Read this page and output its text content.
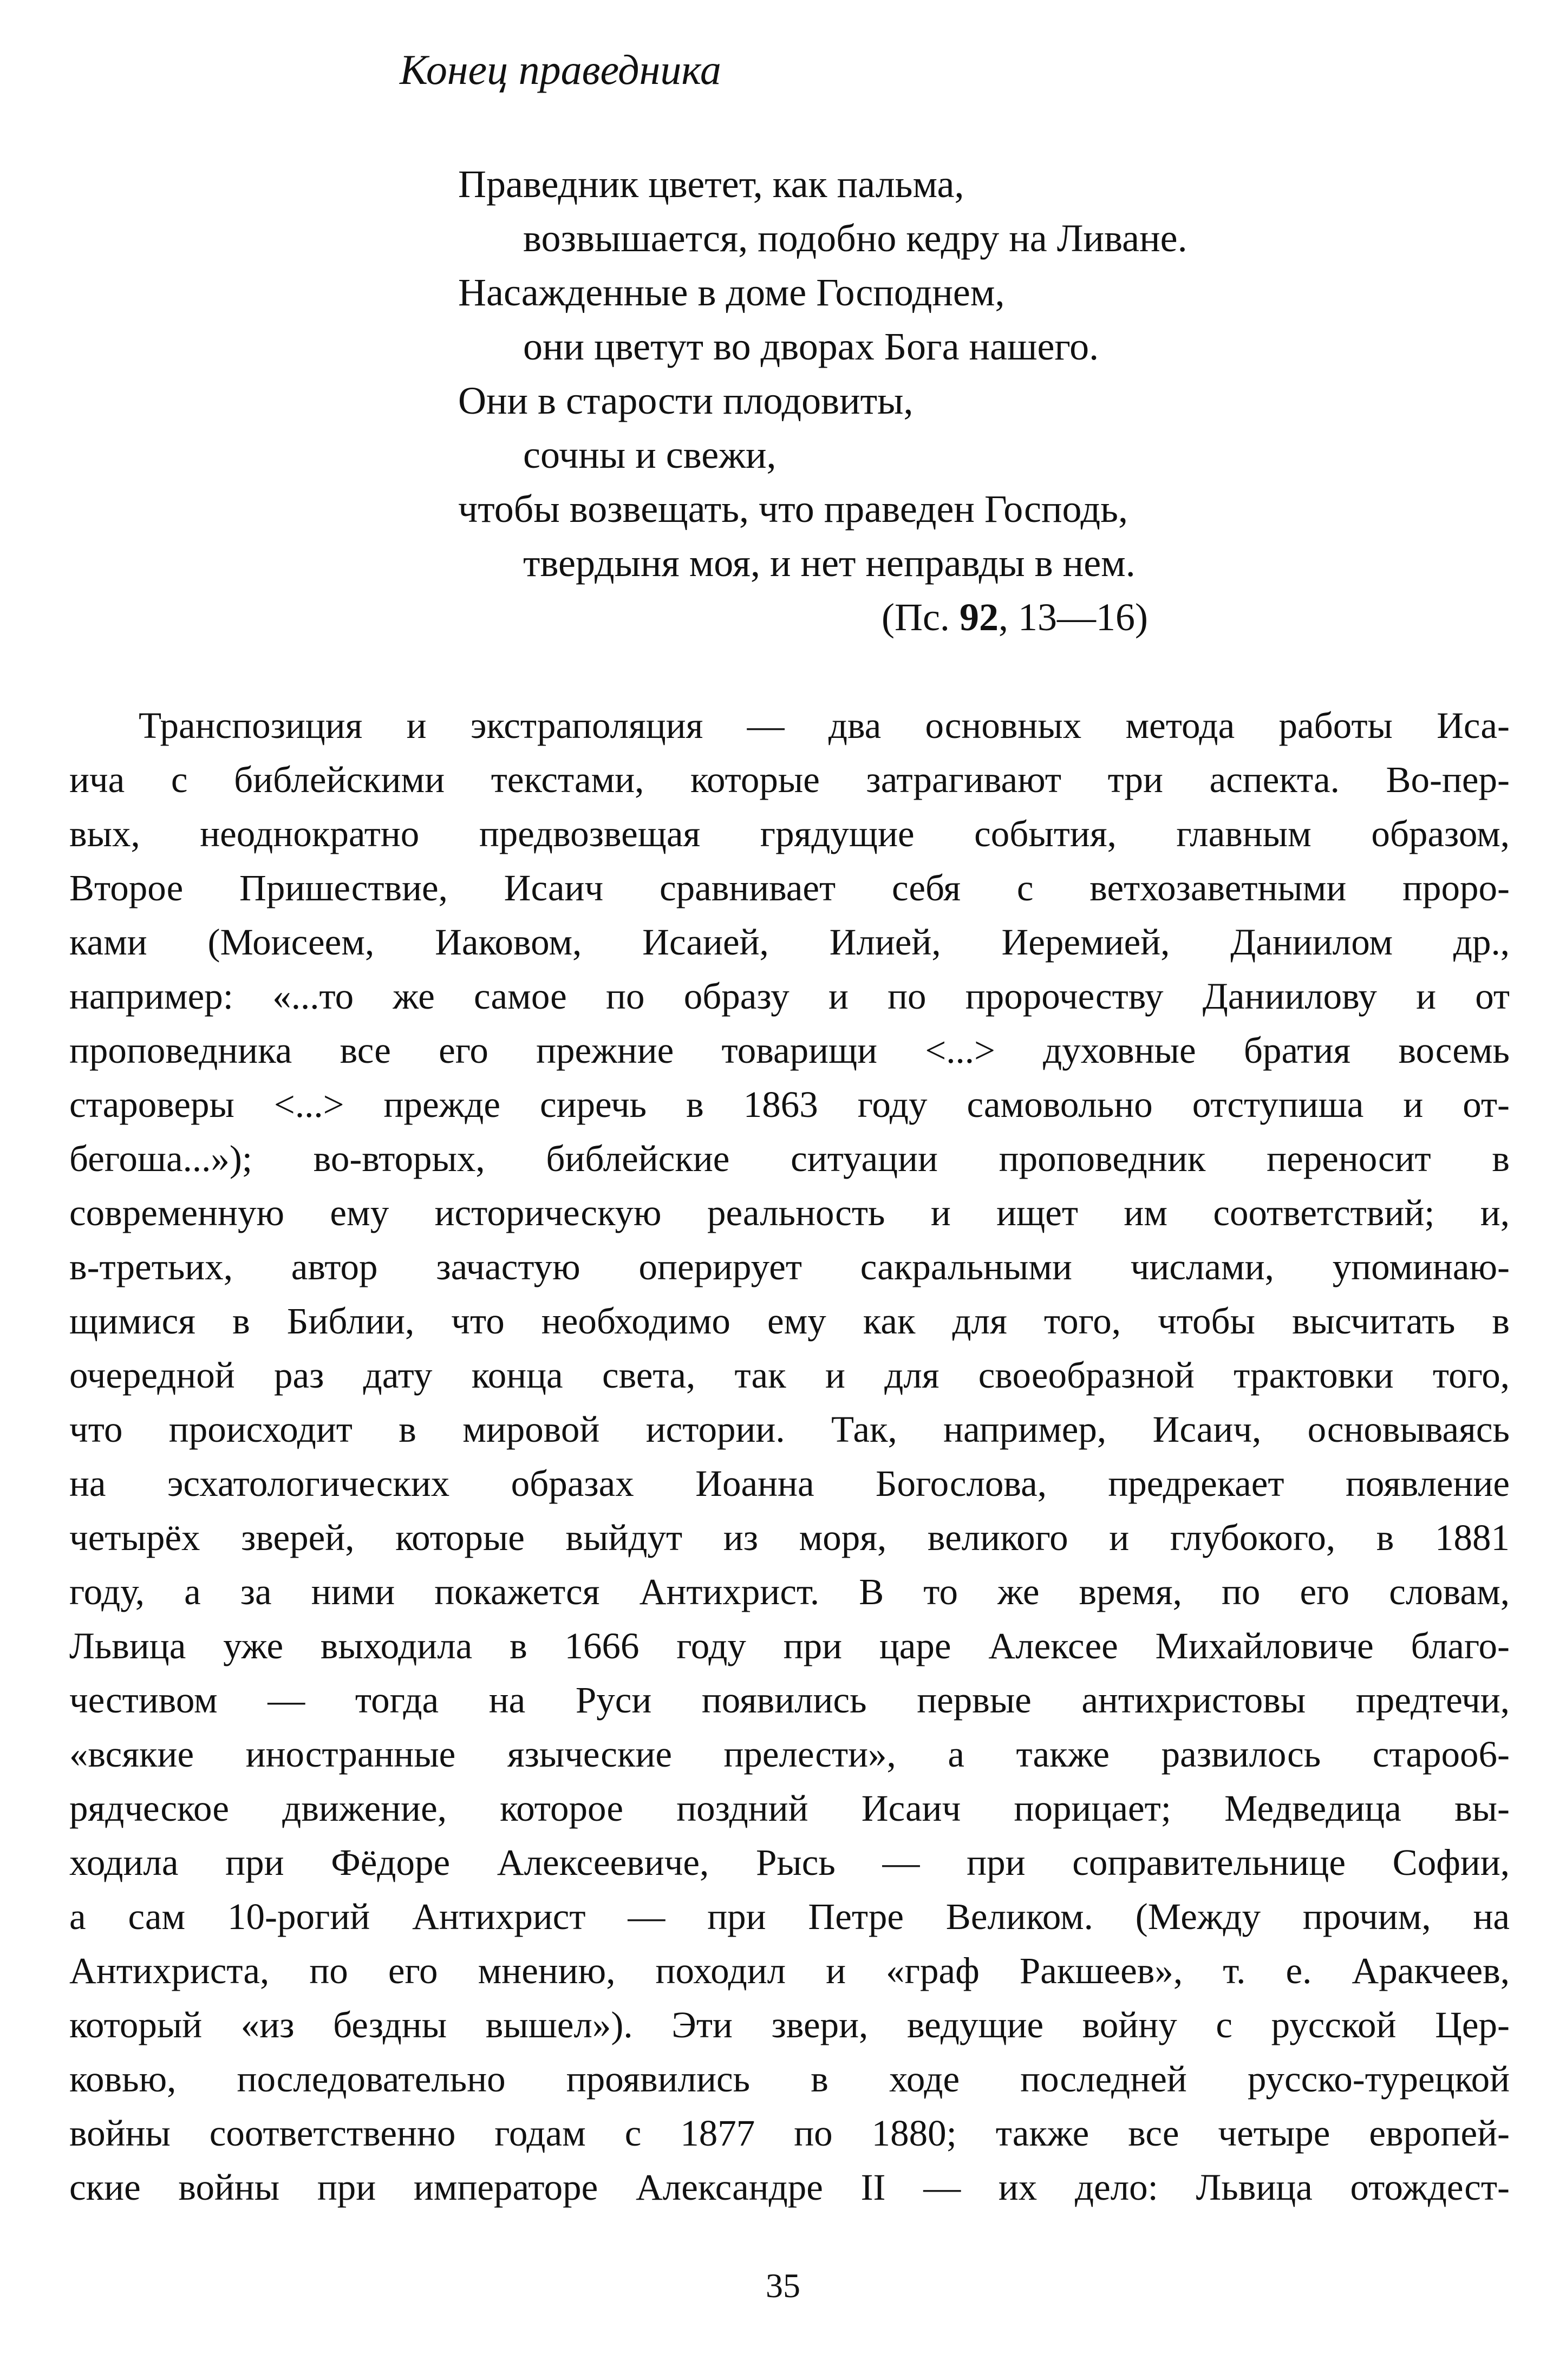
Конец праведника
Праведник цветет, как пальма,
возвышается, подобно кедру на Ливане.
Насажденные в доме Господнем,
они цветут во дворах Бога нашего.
Они в старости плодовиты,
сочны и свежи,
чтобы возвещать, что праведен Господь,
твердыня моя, и нет неправды в нем.
(Пс. 92, 13—16)
Транспозиция и экстраполяция — два основных метода работы Иса-
ича с библейскими текстами, которые затрагивают три аспекта. Во-пер-
вых, неоднократно предвозвещая грядущие события, главным образом,
Второе Пришествие, Исаич сравнивает себя с ветхозаветными проро-
ками (Моисеем, Иаковом, Исаией, Илией, Иеремией, Даниилом др.,
например: «...то же самое по образу и по пророчеству Даниилову и от
проповедника все его прежние товарищи <...> духовные братия восемь
староверы <...> прежде сиречь в 1863 году самовольно отступиша и от-
бегоша...»); во-вторых, библейские ситуации проповедник переносит в
современную ему историческую реальность и ищет им соответствий; и,
в-третьих, автор зачастую оперирует сакральными числами, упоминаю-
щимися в Библии, что необходимо ему как для того, чтобы высчитать в
очередной раз дату конца света, так и для своеобразной трактовки того,
что происходит в мировой истории. Так, например, Исаич, основываясь
на эсхатологических образах Иоанна Богослова, предрекает появление
четырёх зверей, которые выйдут из моря, великого и глубокого, в 1881
году, а за ними покажется Антихрист. В то же время, по его словам,
Львица уже выходила в 1666 году при царе Алексее Михайловиче благо-
честивом — тогда на Руси появились первые антихристовы предтечи,
«всякие иностранные языческие прелести», а также развилось староо6-
рядческое движение, которое поздний Исаич порицает; Медведица вы-
ходила при Фёдоре Алексеевиче, Рысь — при соправительнице Софии,
а сам 10-рогий Антихрист — при Петре Великом. (Между прочим, на
Антихриста, по его мнению, походил и «граф Ракшеев», т. е. Аракчеев,
который «из бездны вышел»). Эти звери, ведущие войну с русской Цер-
ковью, последовательно проявились в ходе последней русско-турецкой
войны соответственно годам с 1877 по 1880; также все четыре европей-
ские войны при императоре Александре II — их дело: Львица отождест-
35
